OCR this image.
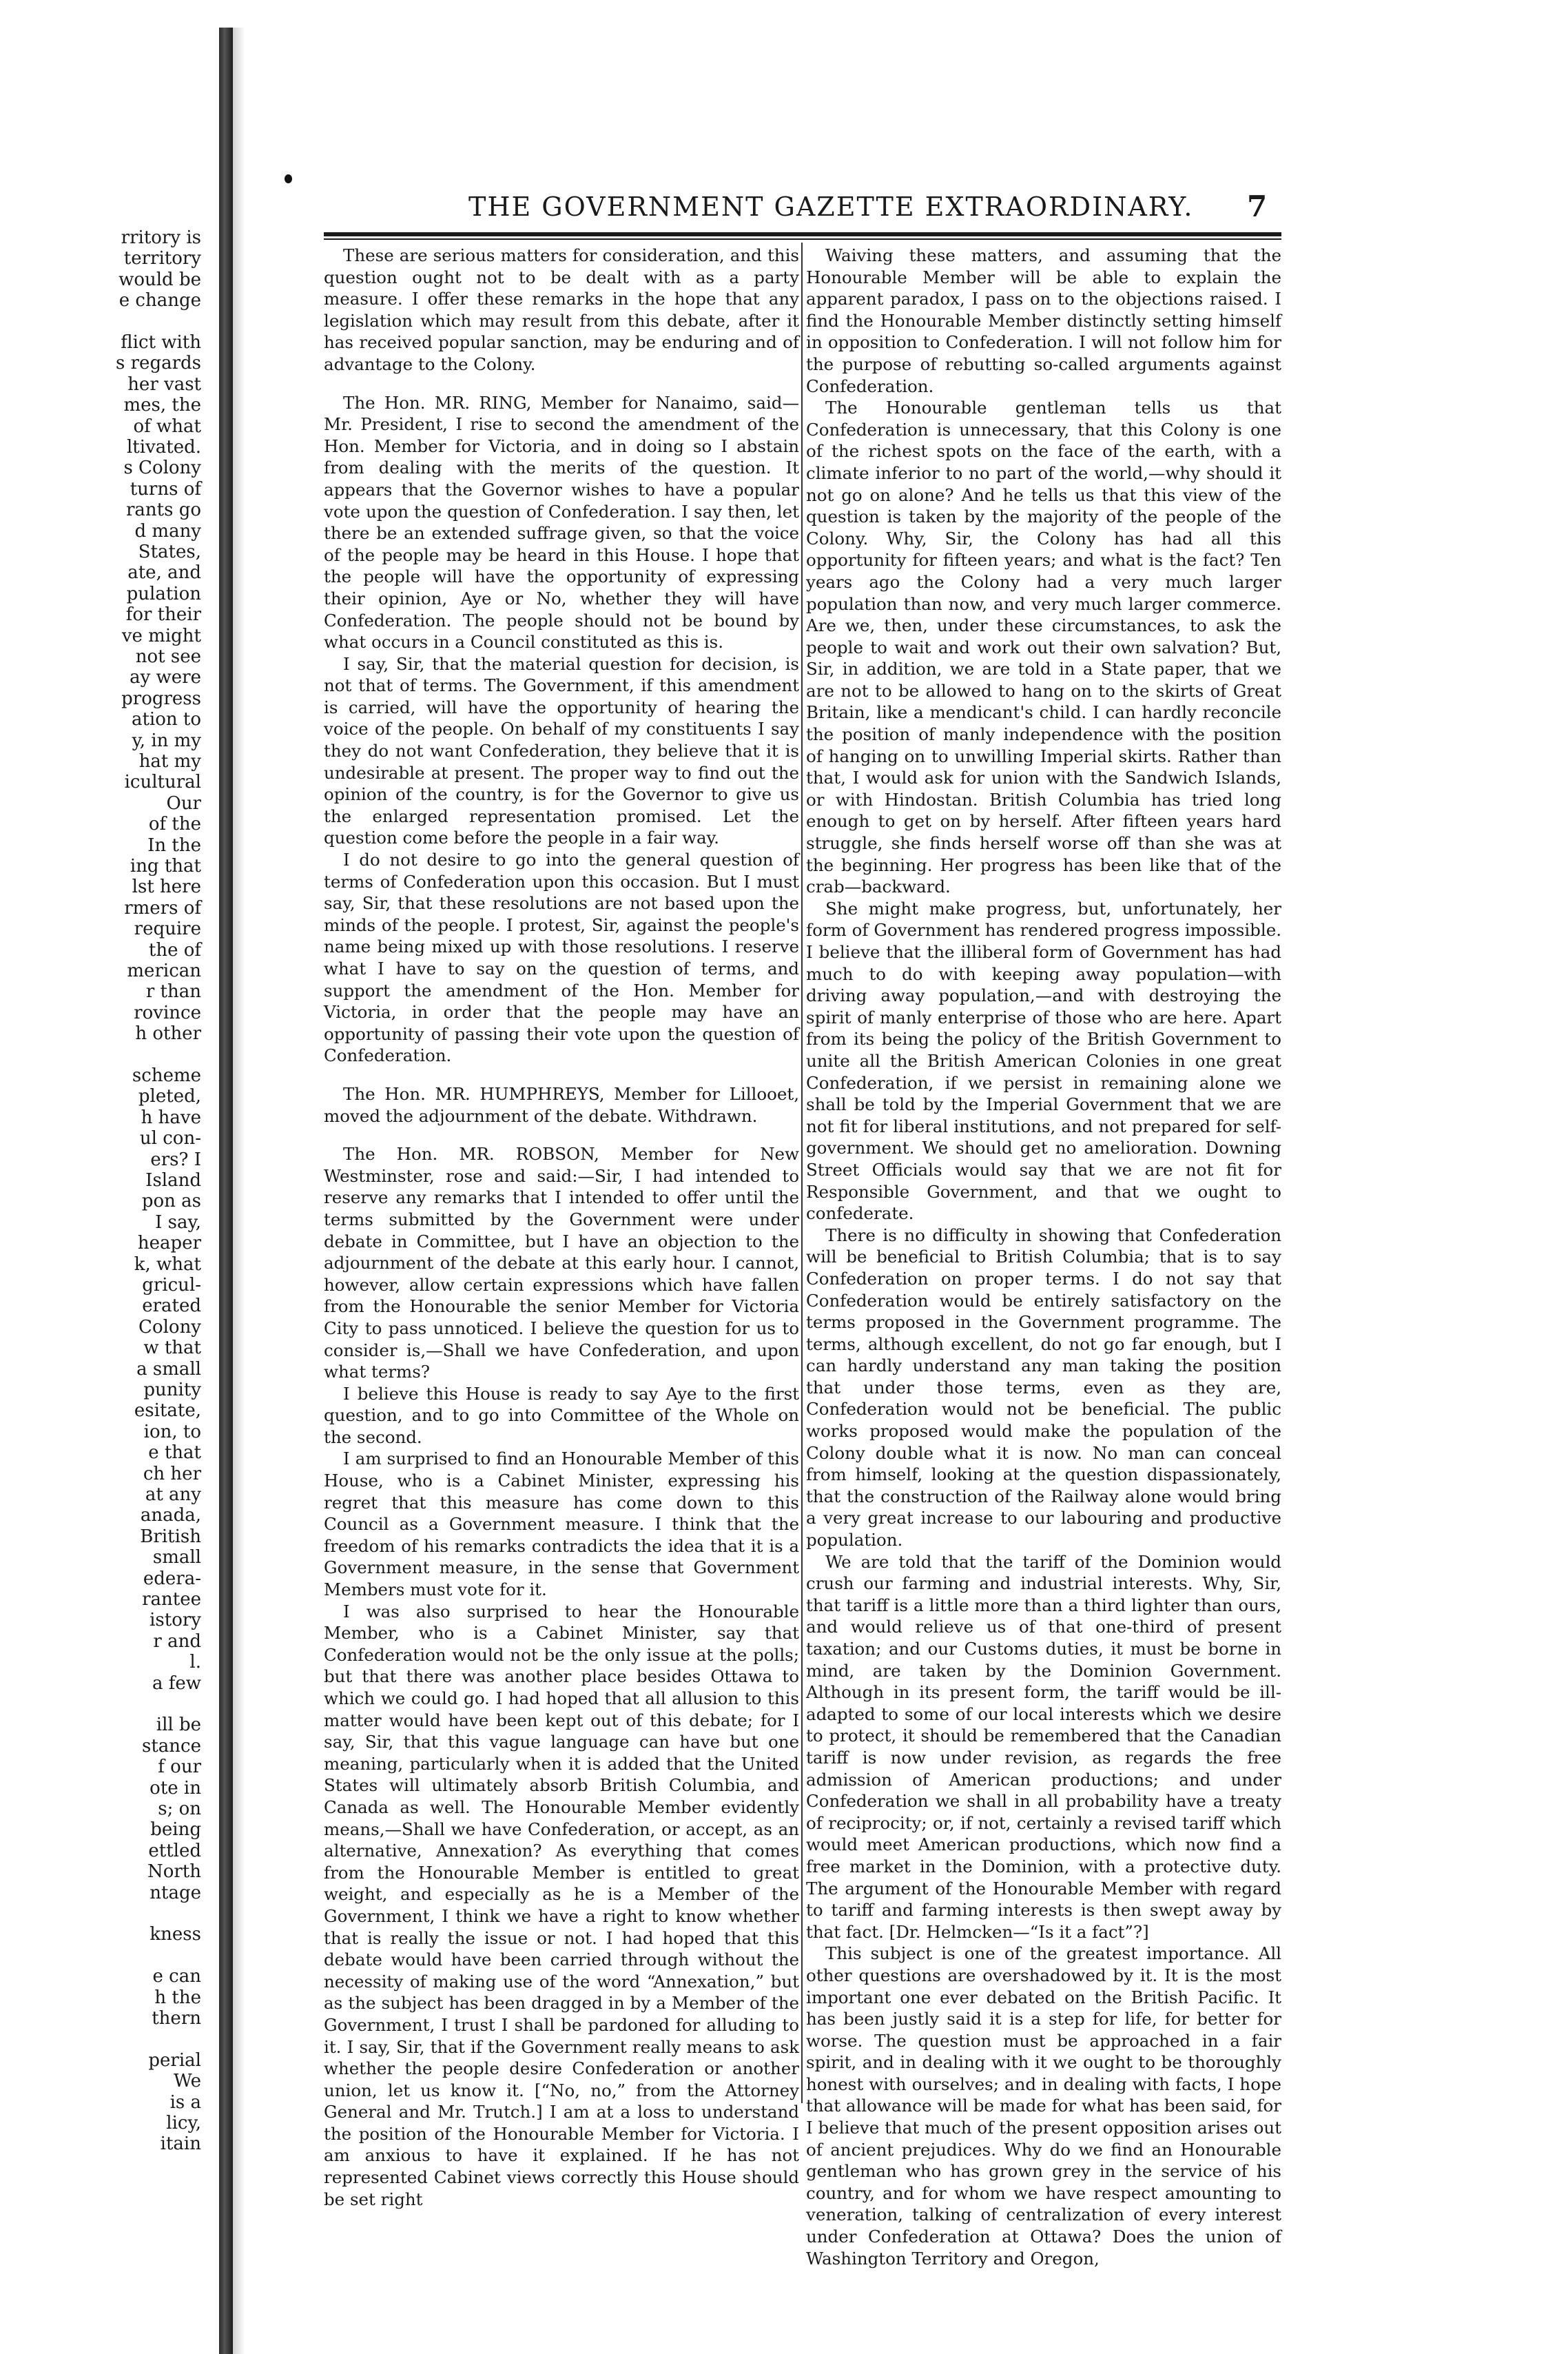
rritory is
territory
would be
e change
flict with
s regards
her vast
mes, the
of what
ltivated.
s Colony
turns of
rants go
d many
States,
ate, and
pulation
for their
ve might
not see
ay were
progress
ation to
y, in my
hat my
icultural
Our
of the
In the
ing that
lst here
rmers of
require
the of
merican
r than
rovince
h other
scheme
pleted,
h have
ul con-
ers? I
Island
pon as
I say,
heaper
k, what
gricul-
erated
Colony
w that
a small
punity
esitate,
ion, to
e that
ch her
at any
anada,
British
small
edera-
rantee
istory
r and
l.
a few
ill be
stance
f our
ote in
s; on
being
ettled
North
ntage
kness
e can
h the
thern
perial
We
is a
licy,
itain
THE GOVERNMENT GAZETTE EXTRAORDINARY. 7

These are serious matters for consideration, and this question ought not to be dealt with as a party measure. I offer these remarks in the hope that any legislation which may result from this debate, after it has received popular sanction, may be enduring and of advantage to the Colony.

The Hon. MR. RING, Member for Nanaimo, said—Mr. President, I rise to second the amendment of the Hon. Member for Victoria, and in doing so I abstain from dealing with the merits of the question. It appears that the Governor wishes to have a popular vote upon the question of Confederation. I say then, let there be an extended suffrage given, so that the voice of the people may be heard in this House. I hope that the people will have the opportunity of expressing their opinion, Aye or No, whether they will have Confederation. The people should not be bound by what occurs in a Council constituted as this is.

I say, Sir, that the material question for decision, is not that of terms. The Government, if this amendment is carried, will have the opportunity of hearing the voice of the people. On behalf of my constituents I say they do not want Confederation, they believe that it is undesirable at present. The proper way to find out the opinion of the country, is for the Governor to give us the enlarged representation promised. Let the question come before the people in a fair way.

I do not desire to go into the general question of terms of Confederation upon this occasion. But I must say, Sir, that these resolutions are not based upon the minds of the people. I protest, Sir, against the people's name being mixed up with those resolutions. I reserve what I have to say on the question of terms, and support the amendment of the Hon. Member for Victoria, in order that the people may have an opportunity of passing their vote upon the question of Confederation.

The Hon. MR. HUMPHREYS, Member for Lillooet, moved the adjournment of the debate. Withdrawn.

The Hon. MR. ROBSON, Member for New Westminster, rose and said:—Sir, I had intended to reserve any remarks that I intended to offer until the terms submitted by the Government were under debate in Committee, but I have an objection to the adjournment of the debate at this early hour. I cannot, however, allow certain expressions which have fallen from the Honourable the senior Member for Victoria City to pass unnoticed. I believe the question for us to consider is,—Shall we have Confederation, and upon what terms?

I believe this House is ready to say Aye to the first question, and to go into Committee of the Whole on the second.

I am surprised to find an Honourable Member of this House, who is a Cabinet Minister, expressing his regret that this measure has come down to this Council as a Government measure. I think that the freedom of his remarks contradicts the idea that it is a Government measure, in the sense that Government Members must vote for it.

I was also surprised to hear the Honourable Member, who is a Cabinet Minister, say that Confederation would not be the only issue at the polls; but that there was another place besides Ottawa to which we could go. I had hoped that all allusion to this matter would have been kept out of this debate; for I say, Sir, that this vague language can have but one meaning, particularly when it is added that the United States will ultimately absorb British Columbia, and Canada as well. The Honourable Member evidently means,—Shall we have Confederation, or accept, as an alternative, Annexation? As everything that comes from the Honourable Member is entitled to great weight, and especially as he is a Member of the Government, I think we have a right to know whether that is really the issue or not. I had hoped that this debate would have been carried through without the necessity of making use of the word “Annexation,” but as the subject has been dragged in by a Member of the Government, I trust I shall be pardoned for alluding to it. I say, Sir, that if the Government really means to ask whether the people desire Confederation or another union, let us know it. [“No, no,” from the Attorney General and Mr. Trutch.] I am at a loss to understand the position of the Honourable Member for Victoria. I am anxious to have it explained. If he has not represented Cabinet views correctly this House should be set right

Waiving these matters, and assuming that the Honourable Member will be able to explain the apparent paradox, I pass on to the objections raised. I find the Honourable Member distinctly setting himself in opposition to Confederation. I will not follow him for the purpose of rebutting so-called arguments against Confederation.

The Honourable gentleman tells us that Confederation is unnecessary, that this Colony is one of the richest spots on the face of the earth, with a climate inferior to no part of the world,—why should it not go on alone? And he tells us that this view of the question is taken by the majority of the people of the Colony. Why, Sir, the Colony has had all this opportunity for fifteen years; and what is the fact? Ten years ago the Colony had a very much larger population than now, and very much larger commerce. Are we, then, under these circumstances, to ask the people to wait and work out their own salvation? But, Sir, in addition, we are told in a State paper, that we are not to be allowed to hang on to the skirts of Great Britain, like a mendicant's child. I can hardly reconcile the position of manly independence with the position of hanging on to unwilling Imperial skirts. Rather than that, I would ask for union with the Sandwich Islands, or with Hindostan. British Columbia has tried long enough to get on by herself. After fifteen years hard struggle, she finds herself worse off than she was at the beginning. Her progress has been like that of the crab—backward.

She might make progress, but, unfortunately, her form of Government has rendered progress impossible. I believe that the illiberal form of Government has had much to do with keeping away population—with driving away population,—and with destroying the spirit of manly enterprise of those who are here. Apart from its being the policy of the British Government to unite all the British American Colonies in one great Confederation, if we persist in remaining alone we shall be told by the Imperial Government that we are not fit for liberal institutions, and not prepared for self-government. We should get no amelioration. Downing Street Officials would say that we are not fit for Responsible Government, and that we ought to confederate.

There is no difficulty in showing that Confederation will be beneficial to British Columbia; that is to say Confederation on proper terms. I do not say that Confederation would be entirely satisfactory on the terms proposed in the Government programme. The terms, although excellent, do not go far enough, but I can hardly understand any man taking the position that under those terms, even as they are, Confederation would not be beneficial. The public works proposed would make the population of the Colony double what it is now. No man can conceal from himself, looking at the question dispassionately, that the construction of the Railway alone would bring a very great increase to our labouring and productive population.

We are told that the tariff of the Dominion would crush our farming and industrial interests. Why, Sir, that tariff is a little more than a third lighter than ours, and would relieve us of that one-third of present taxation; and our Customs duties, it must be borne in mind, are taken by the Dominion Government. Although in its present form, the tariff would be ill-adapted to some of our local interests which we desire to protect, it should be remembered that the Canadian tariff is now under revision, as regards the free admission of American productions; and under Confederation we shall in all probability have a treaty of reciprocity; or, if not, certainly a revised tariff which would meet American productions, which now find a free market in the Dominion, with a protective duty. The argument of the Honourable Member with regard to tariff and farming interests is then swept away by that fact. [Dr. Helmcken—“Is it a fact”?]

This subject is one of the greatest importance. All other questions are overshadowed by it. It is the most important one ever debated on the British Pacific. It has been justly said it is a step for life, for better for worse. The question must be approached in a fair spirit, and in dealing with it we ought to be thoroughly honest with ourselves; and in dealing with facts, I hope that allowance will be made for what has been said, for I believe that much of the present opposition arises out of ancient prejudices. Why do we find an Honourable gentleman who has grown grey in the service of his country, and for whom we have respect amounting to veneration, talking of centralization of every interest under Confederation at Ottawa? Does the union of Washington Territory and Oregon,
